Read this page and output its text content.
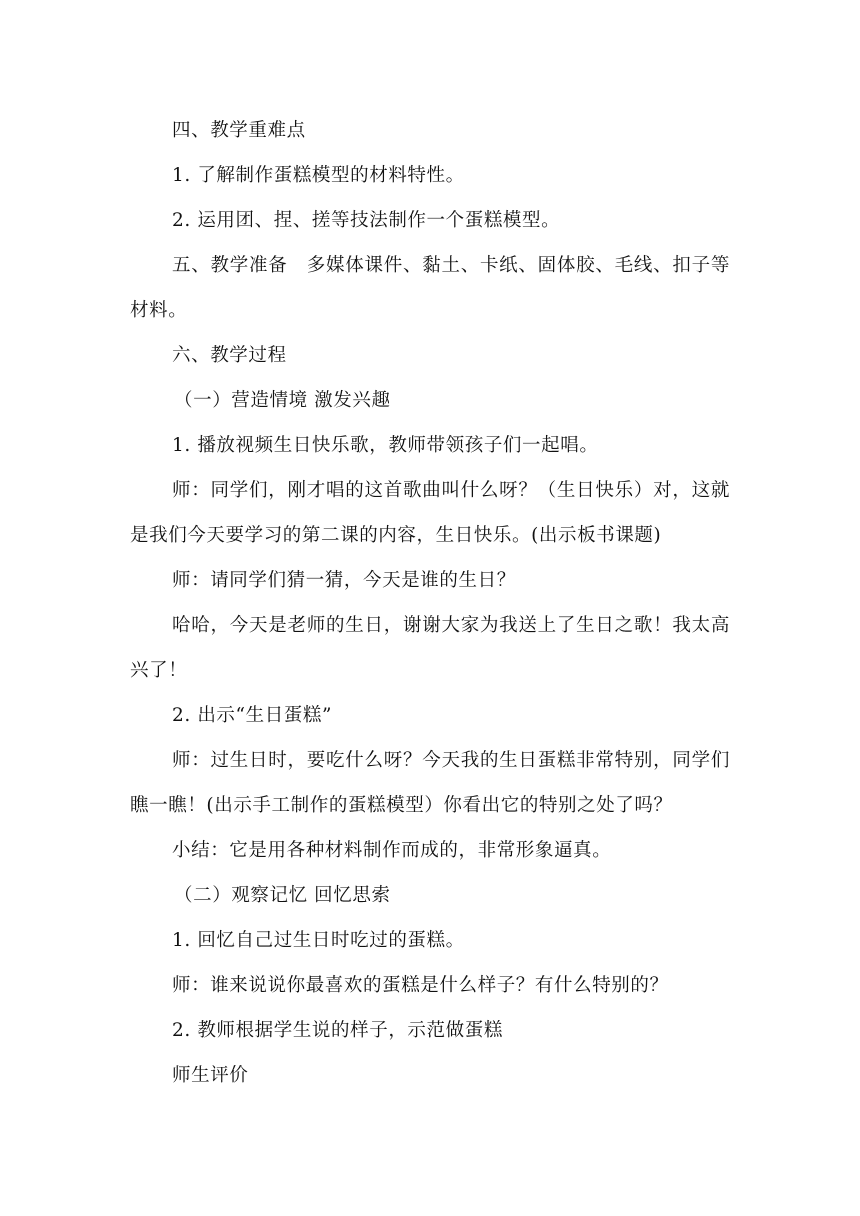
四、教学重难点

1. 了解制作蛋糕模型的材料特性。

2. 运用团、捏、搓等技法制作一个蛋糕模型。

五、教学准备　多媒体课件、黏土、卡纸、固体胶、毛线、扣子等材料。

六、教学过程

（一）营造情境 激发兴趣

1. 播放视频生日快乐歌，教师带领孩子们一起唱。

师：同学们，刚才唱的这首歌曲叫什么呀？（生日快乐）对，这就是我们今天要学习的第二课的内容，生日快乐。(出示板书课题)

师：请同学们猜一猜，今天是谁的生日？

哈哈，今天是老师的生日，谢谢大家为我送上了生日之歌！我太高兴了！

2. 出示“生日蛋糕”

师：过生日时，要吃什么呀？今天我的生日蛋糕非常特别，同学们瞧一瞧！(出示手工制作的蛋糕模型）你看出它的特别之处了吗？

小结：它是用各种材料制作而成的，非常形象逼真。

（二）观察记忆 回忆思索

1. 回忆自己过生日时吃过的蛋糕。

师：谁来说说你最喜欢的蛋糕是什么样子？有什么特别的？

2. 教师根据学生说的样子，示范做蛋糕

师生评价
